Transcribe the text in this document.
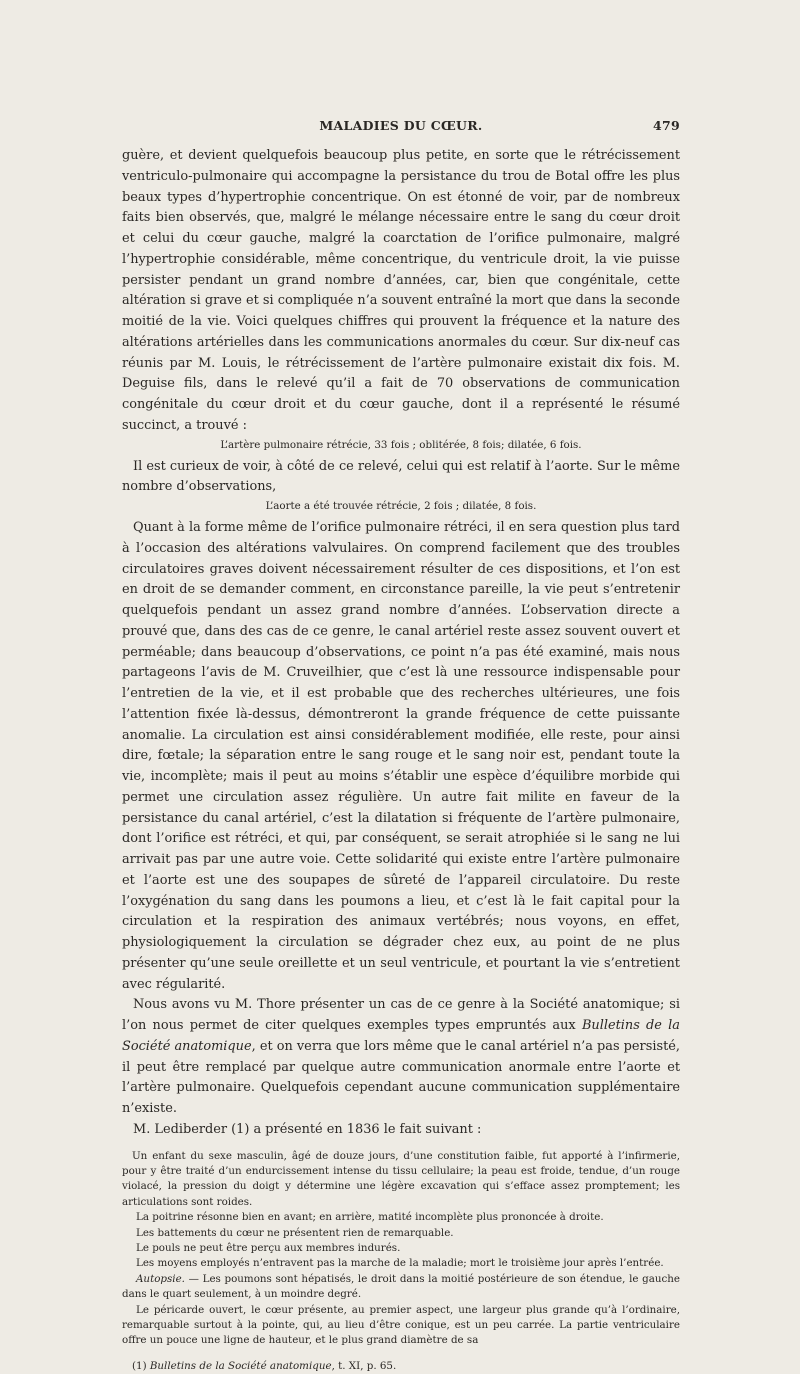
MALADIES DU CŒUR.	479

guère, et devient quelquefois beaucoup plus petite, en sorte que le rétrécissement ventriculo-pulmonaire qui accompagne la persistance du trou de Botal offre les plus beaux types d’hypertrophie concentrique. On est étonné de voir, par de nombreux faits bien observés, que, malgré le mélange nécessaire entre le sang du cœur droit et celui du cœur gauche, malgré la coarctation de l’orifice pulmonaire, malgré l’hypertrophie considérable, même concentrique, du ventricule droit, la vie puisse persister pendant un grand nombre d’années, car, bien que congénitale, cette altération si grave et si compliquée n’a souvent entraîné la mort que dans la seconde moitié de la vie. Voici quelques chiffres qui prouvent la fréquence et la nature des altérations artérielles dans les communications anormales du cœur. Sur dix-neuf cas réunis par M. Louis, le rétrécissement de l’artère pulmonaire existait dix fois. M. Deguise fils, dans le relevé qu’il a fait de 70 observations de communication congénitale du cœur droit et du cœur gauche, dont il a représenté le résumé succinct, a trouvé :

L’artère pulmonaire rétrécie, 33 fois ; oblitérée, 8 fois; dilatée, 6 fois.

Il est curieux de voir, à côté de ce relevé, celui qui est relatif à l’aorte. Sur le même nombre d’observations,

L’aorte a été trouvée rétrécie, 2 fois ; dilatée, 8 fois.

Quant à la forme même de l’orifice pulmonaire rétréci, il en sera question plus tard à l’occasion des altérations valvulaires. On comprend facilement que des troubles circulatoires graves doivent nécessairement résulter de ces dispositions, et l’on est en droit de se demander comment, en circonstance pareille, la vie peut s’entretenir quelquefois pendant un assez grand nombre d’années. L’observation directe a prouvé que, dans des cas de ce genre, le canal artériel reste assez souvent ouvert et perméable; dans beaucoup d’observations, ce point n’a pas été examiné, mais nous partageons l’avis de M. Cruveilhier, que c’est là une ressource indispensable pour l’entretien de la vie, et il est probable que des recherches ultérieures, une fois l’attention fixée là-dessus, démontreront la grande fréquence de cette puissante anomalie. La circulation est ainsi considérablement modifiée, elle reste, pour ainsi dire, fœtale; la séparation entre le sang rouge et le sang noir est, pendant toute la vie, incomplète; mais il peut au moins s’établir une espèce d’équilibre morbide qui permet une circulation assez régulière. Un autre fait milite en faveur de la persistance du canal artériel, c’est la dilatation si fréquente de l’artère pulmonaire, dont l’orifice est rétréci, et qui, par conséquent, se serait atrophiée si le sang ne lui arrivait pas par une autre voie. Cette solidarité qui existe entre l’artère pulmonaire et l’aorte est une des soupapes de sûreté de l’appareil circulatoire. Du reste l’oxygénation du sang dans les poumons a lieu, et c’est là le fait capital pour la circulation et la respiration des animaux vertébrés; nous voyons, en effet, physiologiquement la circulation se dégrader chez eux, au point de ne plus présenter qu’une seule oreillette et un seul ventricule, et pourtant la vie s’entretient avec régularité.

Nous avons vu M. Thore présenter un cas de ce genre à la Société anatomique; si l’on nous permet de citer quelques exemples types empruntés aux Bulletins de la Société anatomique, et on verra que lors même que le canal artériel n’a pas persisté, il peut être remplacé par quelque autre communication anormale entre l’aorte et l’artère pulmonaire. Quelquefois cependant aucune communication supplémentaire n’existe.

M. Lediberder (1) a présenté en 1836 le fait suivant :

Un enfant du sexe masculin, âgé de douze jours, d’une constitution faible, fut apporté à l’infirmerie, pour y être traité d’un endurcissement intense du tissu cellulaire; la peau est froide, tendue, d’un rouge violacé, la pression du doigt y détermine une légère excavation qui s’efface assez promptement; les articulations sont roides.

La poitrine résonne bien en avant; en arrière, matité incomplète plus prononcée à droite.

Les battements du cœur ne présentent rien de remarquable.

Le pouls ne peut être perçu aux membres indurés.

Les moyens employés n’entravent pas la marche de la maladie; mort le troisième jour après l’entrée.

Autopsie. — Les poumons sont hépatisés, le droit dans la moitié postérieure de son étendue, le gauche dans le quart seulement, à un moindre degré.

Le péricarde ouvert, le cœur présente, au premier aspect, une largeur plus grande qu’à l’ordinaire, remarquable surtout à la pointe, qui, au lieu d’être conique, est un peu carrée. La partie ventriculaire offre un pouce une ligne de hauteur, et le plus grand diamètre de sa

(1) Bulletins de la Société anatomique, t. XI, p. 65.
